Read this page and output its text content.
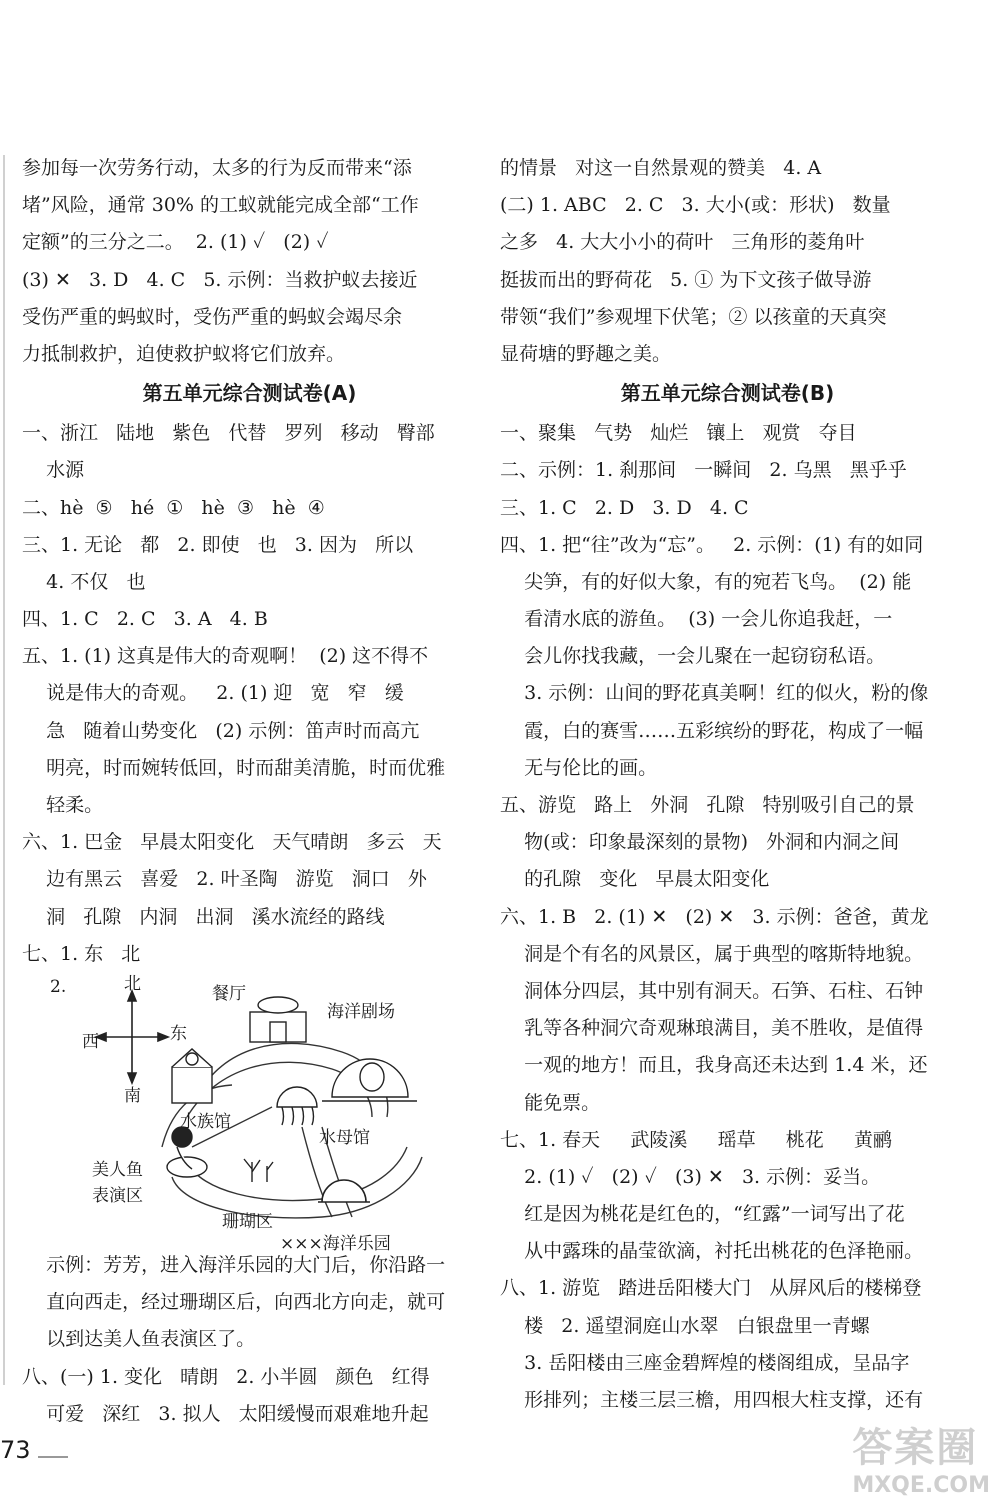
参加每一次劳务行动，太多的行为反而带来“添
堵”风险，通常 30% 的工蚁就能完成全部“工作
定额”的三分之二。  2. (1) ✓   (2) ✓
(3) ✕   3. D   4. C   5. 示例：当救护蚁去接近
受伤严重的蚂蚁时，受伤严重的蚂蚁会竭尽余
力抵制救护，迫使救护蚁将它们放弃。
第五单元综合测试卷(A)
一、浙江   陆地   紫色   代替   罗列   移动   臀部
水源
二、hè  ⑤   hé  ①   hè  ③   hè  ④
三、1. 无论   都   2. 即使   也   3. 因为   所以
4. 不仅   也
四、1. C   2. C   3. A   4. B
五、1. (1) 这真是伟大的奇观啊！  (2) 这不得不
说是伟大的奇观。   2. (1) 迎   宽   窄   缓
急   随着山势变化   (2) 示例：笛声时而高亢
明亮，时而婉转低回，时而甜美清脆，时而优雅
轻柔。
六、1. 巴金   早晨太阳变化   天气晴朗   多云   天
边有黑云   喜爱   2. 叶圣陶   游览   洞口   外
洞   孔隙   内洞   出洞   溪水流经的路线
七、1. 东   北
2.	北
南
西	东
餐厅
海洋剧场
水族馆
水母馆
美人鱼
表演区
珊瑚区
×××海洋乐园
示例：芳芳，进入海洋乐园的大门后，你沿路一
直向西走，经过珊瑚区后，向西北方向走，就可
以到达美人鱼表演区了。
八、(一) 1. 变化   晴朗   2. 小半圆   颜色   红得
可爱   深红   3. 拟人   太阳缓慢而艰难地升起
的情景   对这一自然景观的赞美   4. A
(二) 1. ABC   2. C   3. 大小(或：形状)   数量
之多   4. 大大小小的荷叶   三角形的菱角叶
挺拔而出的野荷花   5. ① 为下文孩子做导游
带领“我们”参观埋下伏笔；② 以孩童的天真突
显荷塘的野趣之美。
第五单元综合测试卷(B)
一、聚集   气势   灿烂   镶上   观赏   夺目
二、示例：1. 刹那间   一瞬间   2. 乌黑   黑乎乎
三、1. C   2. D   3. D   4. C
四、1. 把“往”改为“忘”。   2. 示例：(1) 有的如同
尖笋，有的好似大象，有的宛若飞鸟。  (2) 能
看清水底的游鱼。  (3) 一会儿你追我赶，一
会儿你找我藏，一会儿聚在一起窃窃私语。
3. 示例：山间的野花真美啊！红的似火，粉的像
霞，白的赛雪……五彩缤纷的野花，构成了一幅
无与伦比的画。
五、游览   路上   外洞   孔隙   特别吸引自己的景
物(或：印象最深刻的景物)   外洞和内洞之间
的孔隙   变化   早晨太阳变化
六、1. B   2. (1) ✕   (2) ✕   3. 示例：爸爸，黄龙
洞是个有名的风景区，属于典型的喀斯特地貌。
洞体分四层，其中别有洞天。石笋、石柱、石钟
乳等各种洞穴奇观琳琅满目，美不胜收，是值得
一观的地方！而且，我身高还未达到 1.4 米，还
能免票。
七、1. 春天     武陵溪     瑶草     桃花     黄鹂
2. (1) ✓   (2) ✓   (3) ✕   3. 示例：妥当。
红是因为桃花是红色的，“红露”一词写出了花
从中露珠的晶莹欲滴，衬托出桃花的色泽艳丽。
八、1. 游览   踏进岳阳楼大门   从屏风后的楼梯登
楼   2. 遥望洞庭山水翠   白银盘里一青螺
3. 岳阳楼由三座金碧辉煌的楼阁组成，呈品字
形排列；主楼三层三檐，用四根大柱支撑，还有
73	答案圈
MXQE.COM
